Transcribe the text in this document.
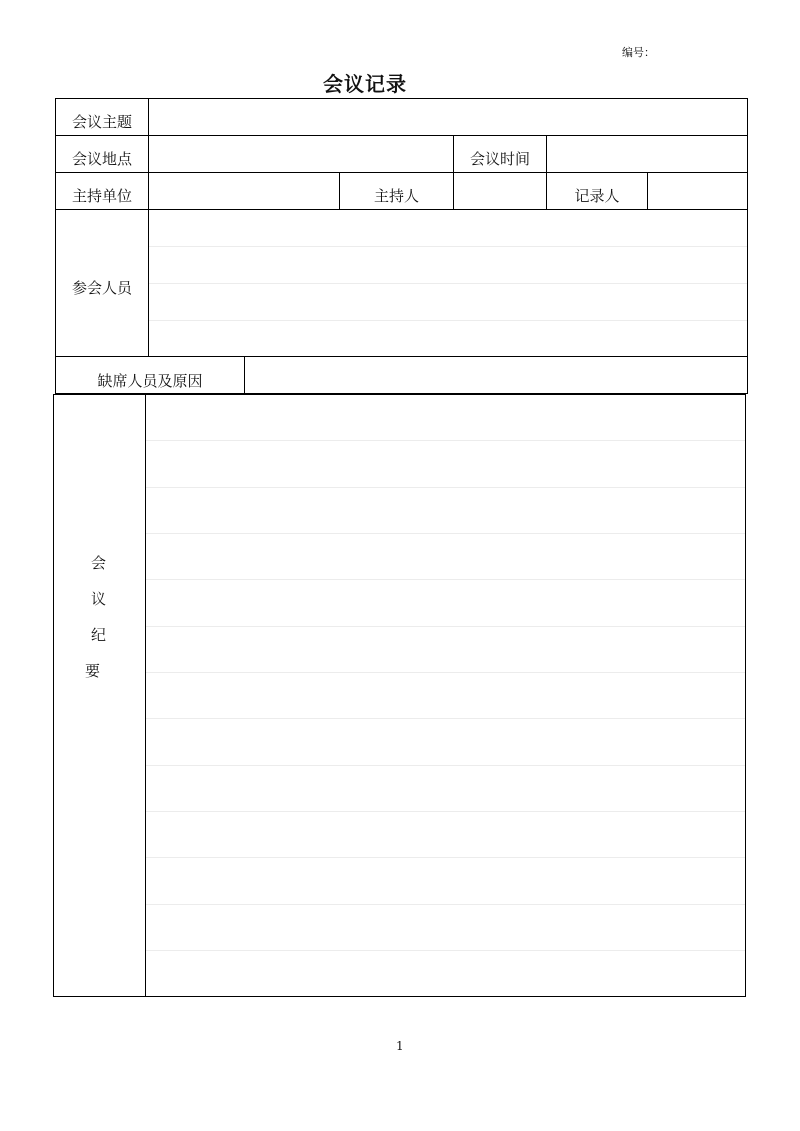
编号：
会议记录
会议主题
会议地点	会议时间
主持单位	主持人	记录人
参会人员
缺席人员及原因
会
议
纪
要
1
